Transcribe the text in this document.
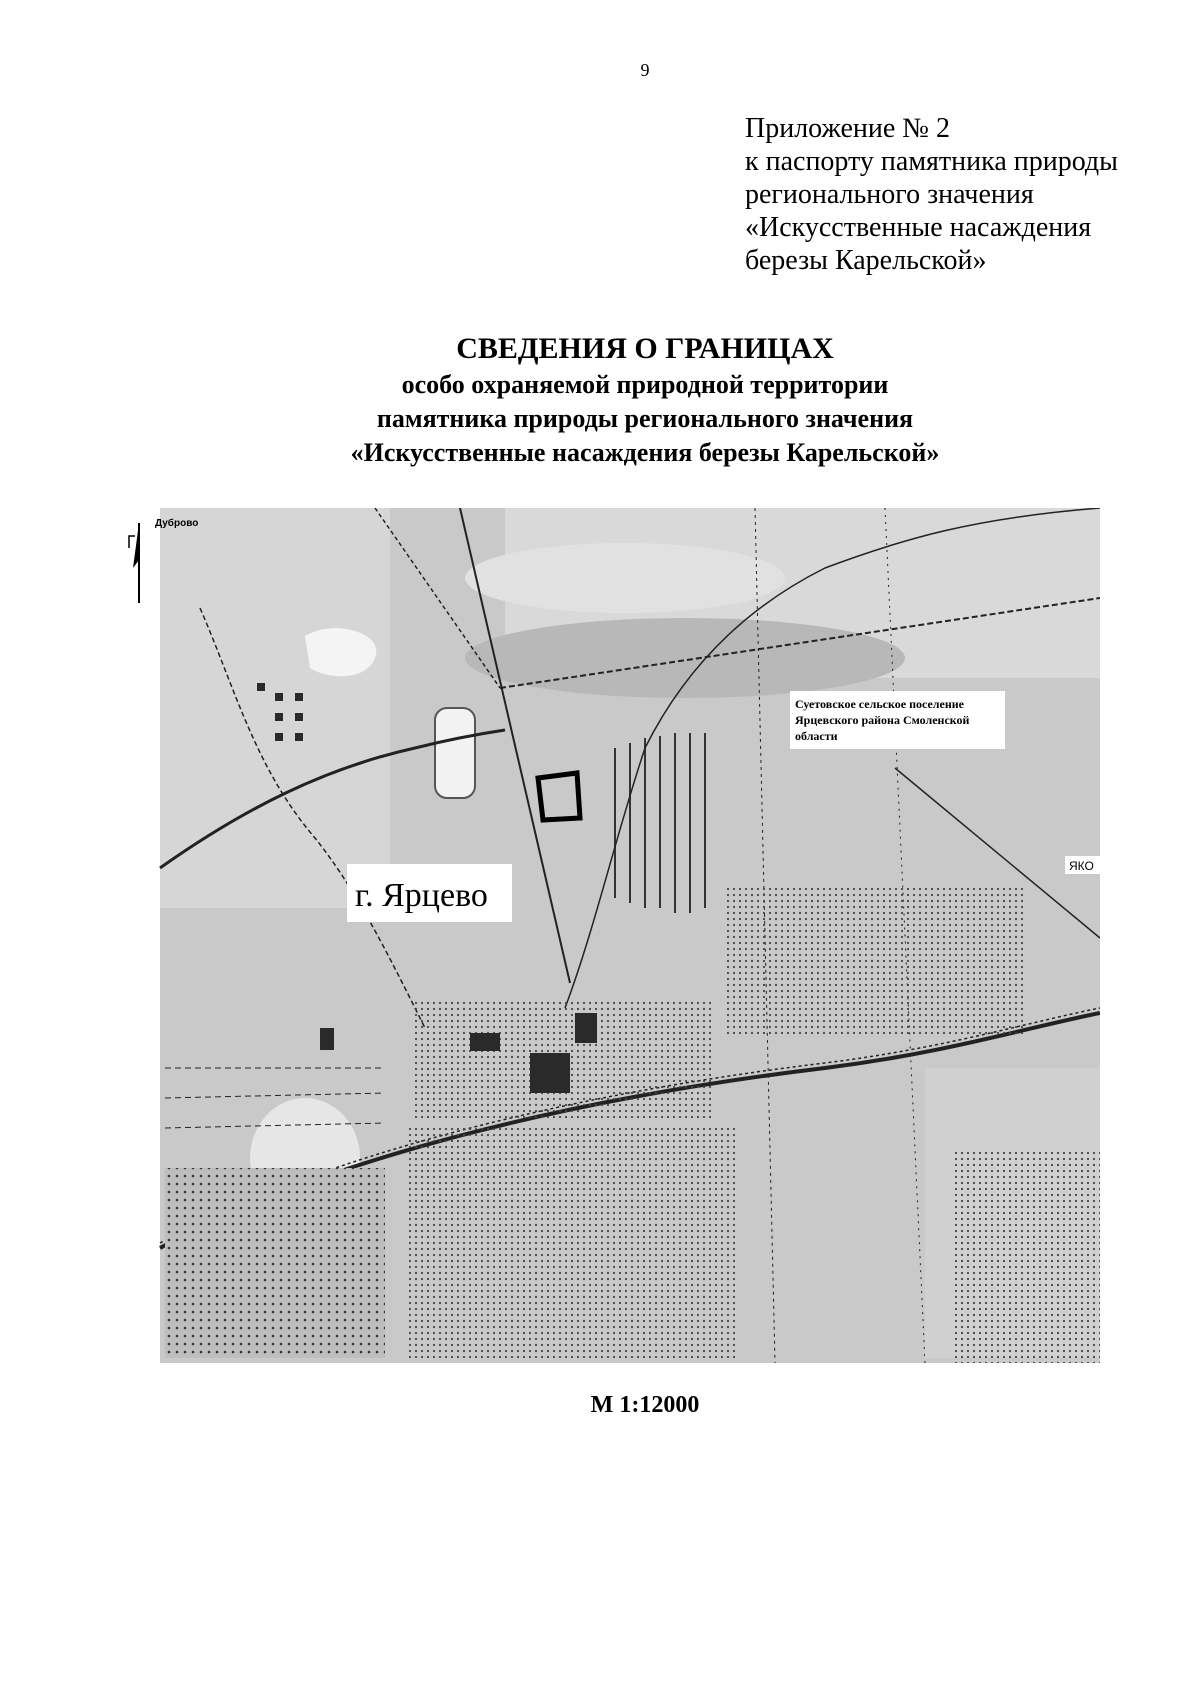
9
Приложение № 2
к паспорту памятника природы
регионального значения
«Искусственные насаждения
березы Карельской»
СВЕДЕНИЯ О ГРАНИЦАХ
особо охраняемой природной территории
памятника природы регионального значения
«Искусственные насаждения березы Карельской»
г. Ярцево
Суетовское сельское поселение
Ярцевского района Смоленской
области
Дуброво
ЯКО
М 1:12000
